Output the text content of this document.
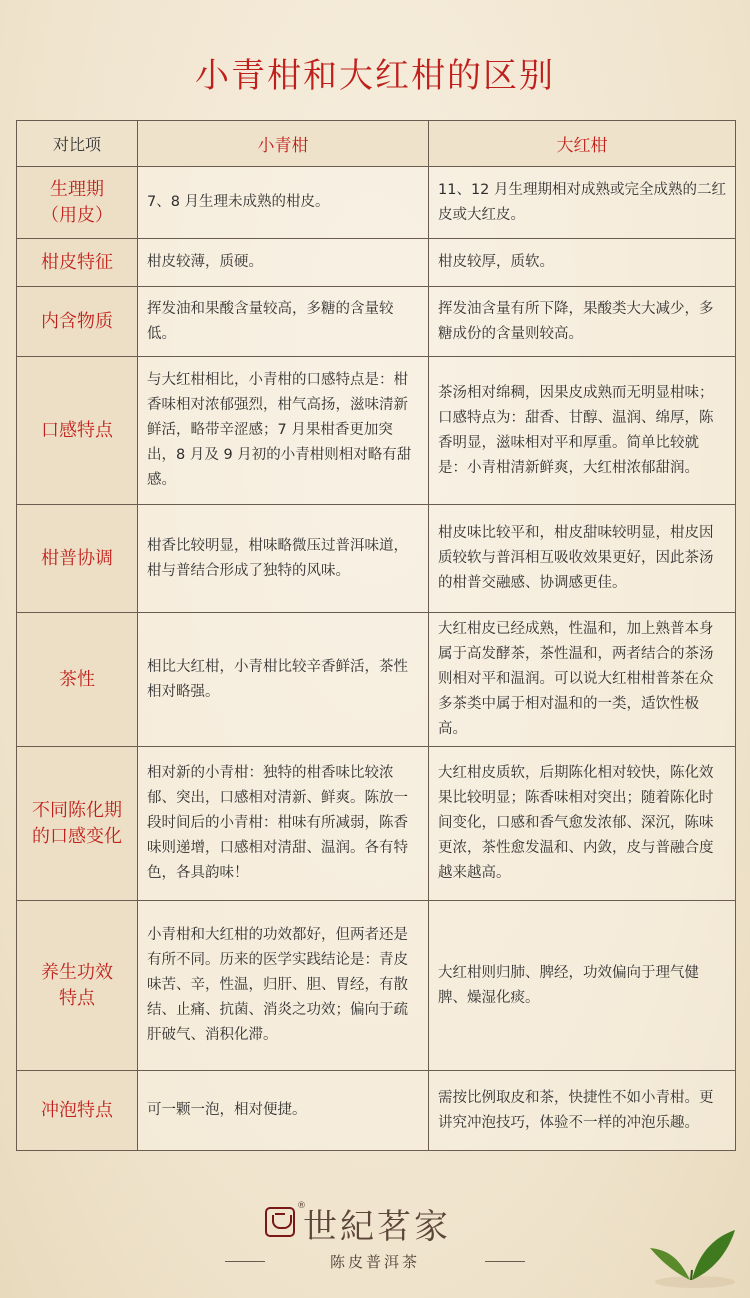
小青柑和大红柑的区别
对比项	小青柑	大红柑
生理期
（用皮）	7、8 月生理未成熟的柑皮。	11、12 月生理期相对成熟或完全成熟的二红皮或大红皮。
柑皮特征	柑皮较薄，质硬。	柑皮较厚，质软。
内含物质	挥发油和果酸含量较高，多糖的含量较低。	挥发油含量有所下降，果酸类大大减少，多糖成份的含量则较高。
口感特点	与大红柑相比，小青柑的口感特点是：柑香味相对浓郁强烈，柑气高扬，滋味清新鲜活，略带辛涩感；7 月果柑香更加突出，8 月及 9 月初的小青柑则相对略有甜感。	茶汤相对绵稠，因果皮成熟而无明显柑味；口感特点为：甜香、甘醇、温润、绵厚，陈香明显，滋味相对平和厚重。简单比较就是：小青柑清新鲜爽，大红柑浓郁甜润。
柑普协调	柑香比较明显，柑味略微压过普洱味道，柑与普结合形成了独特的风味。	柑皮味比较平和，柑皮甜味较明显，柑皮因质较软与普洱相互吸收效果更好，因此茶汤的柑普交融感、协调感更佳。
茶性	相比大红柑，小青柑比较辛香鲜活，茶性相对略强。	大红柑皮已经成熟，性温和，加上熟普本身属于高发酵茶，茶性温和，两者结合的茶汤则相对平和温润。可以说大红柑柑普茶在众多茶类中属于相对温和的一类，适饮性极高。
不同陈化期
的口感变化	相对新的小青柑：独特的柑香味比较浓郁、突出，口感相对清新、鲜爽。陈放一段时间后的小青柑：柑味有所减弱，陈香味则递增，口感相对清甜、温润。各有特色，各具韵味！	大红柑皮质软，后期陈化相对较快，陈化效果比较明显；陈香味相对突出；随着陈化时间变化，口感和香气愈发浓郁、深沉，陈味更浓，茶性愈发温和、内敛，皮与普融合度越来越高。
养生功效
特点	小青柑和大红柑的功效都好，但两者还是有所不同。历来的医学实践结论是：青皮味苦、辛，性温，归肝、胆、胃经，有散结、止痛、抗菌、消炎之功效；偏向于疏肝破气、消积化滞。	大红柑则归肺、脾经，功效偏向于理气健脾、燥湿化痰。
冲泡特点	可一颗一泡，相对便捷。	需按比例取皮和茶，快捷性不如小青柑。更讲究冲泡技巧，体验不一样的冲泡乐趣。
®
世紀茗家
陈皮普洱茶
